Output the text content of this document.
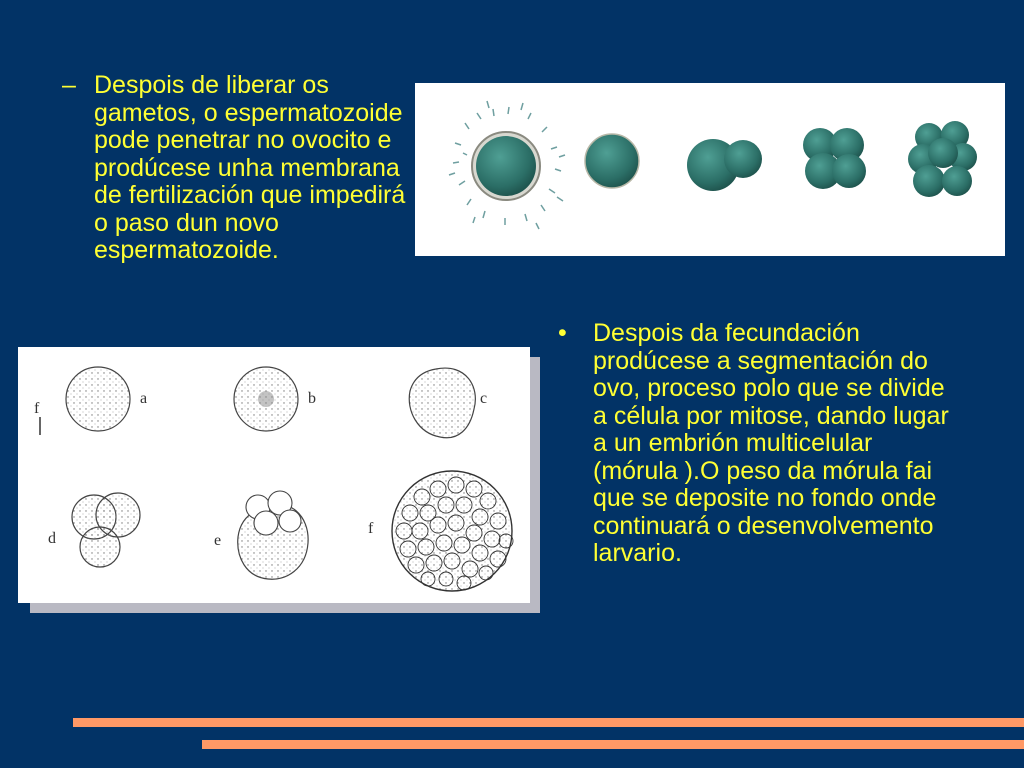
– Despois de liberar os gametos, o espermatozoide pode penetrar no ovocito e prodúcese unha membrana de fertilización que impedirá o paso dun novo espermatozoide.
f
a	b	c
d	e
f
• Despois da fecundación prodúcese a segmentación do ovo, proceso polo que se divide a célula por mitose, dando lugar a un embrión multicelular (mórula ).O peso da mórula fai que se deposite no fondo onde continuará o desenvolvemento larvario.
